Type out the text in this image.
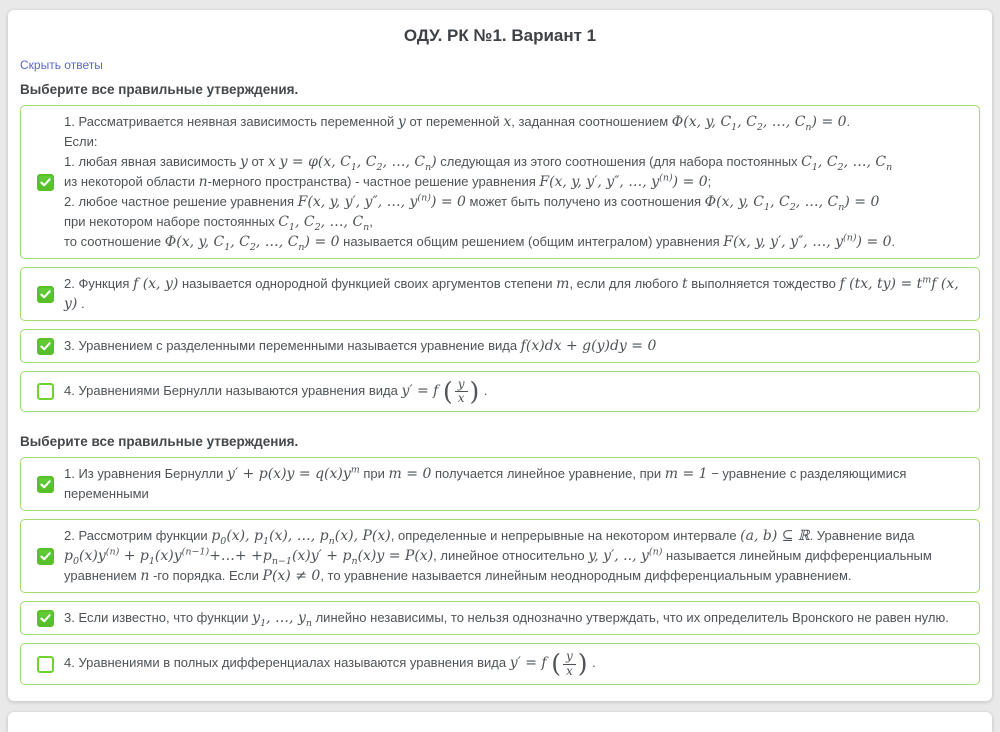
ОДУ. РК №1. Вариант 1
Скрыть ответы
Выберите все правильные утверждения.
1. Рассматривается неявная зависимость переменной y от переменной x, заданная соотношением Φ(x, y, $C_1$, $C_2$, …, $C_n) = 0$.
Если:
1. любая явная зависимость y от x y = φ(x, $C_1$, $C_2$, …, $C_n$) следующая из этого соотношения (для набора постоянных $C_1$, $C_2$, …, $C_n$
из некоторой области n-мерного пространства) - частное решение уравнения F(x, y, y′, y″, …, $y^{(n)}) = 0$;
2. любое частное решение уравнения F(x, y, y′, y″, …, $y^{(n)}) = 0$ может быть получено из соотношения Φ(x, y, $C_1$, $C_2$, …, $C_n) = 0$
при некотором наборе постоянных $C_1$, $C_2$, …, $C_n$,
то соотношение Φ(x, y, $C_1$, $C_2$, …, $C_n) = 0$ называется общим решением (общим интегралом) уравнения F(x, y, y′, y″, …, $y^{(n)}) = 0$.
2. Функция f (x, y) называется однородной функцией своих аргументов степени m, если для любого t выполняется тождество f (tx, $ty) = t^mf$ (x, y) .
3. Уравнением с разделенными переменными называется уравнение вида f(x)dx + g(y)dy = 0
4. Уравнениями Бернулли называются уравнения вида y′ = f ( $\frac{y}{x}$ ) .
Выберите все правильные утверждения.
1. Из уравнения Бернулли $y' + p(x)y = q(x)y^m$ при m = 0 получается линейное уравнение, при m = 1 − уравнение с разделяющимися переменными
2. Рассмотрим функции $p_0(x)$, $p_1(x)$, …, $p_n(x)$, P(x), определенные и непрерывные на некотором интервале (a, b) ⊆ ℝ. Уравнение вида $p_0(x)y^{(n)}$ + $p_1(x)y^{(n-1)}+\dots+ +p_{n-1}(x)y' + p_n(x)y = P(x)$, линейное относительно y, y′, .., $y^{(n)}$ называется линейным дифференциальным уравнением n -го порядка. Если P(x) ≠ 0, то уравнение называется линейным неоднородным дифференциальным уравнением.
3. Если известно, что функции $y_1$, …, $y_n$ линейно независимы, то нельзя однозначно утверждать, что их определитель Вронского не равен нулю.
4. Уравнениями в полных дифференциалах называются уравнения вида y′ = f ( $\frac{y}{x}$ ) .
